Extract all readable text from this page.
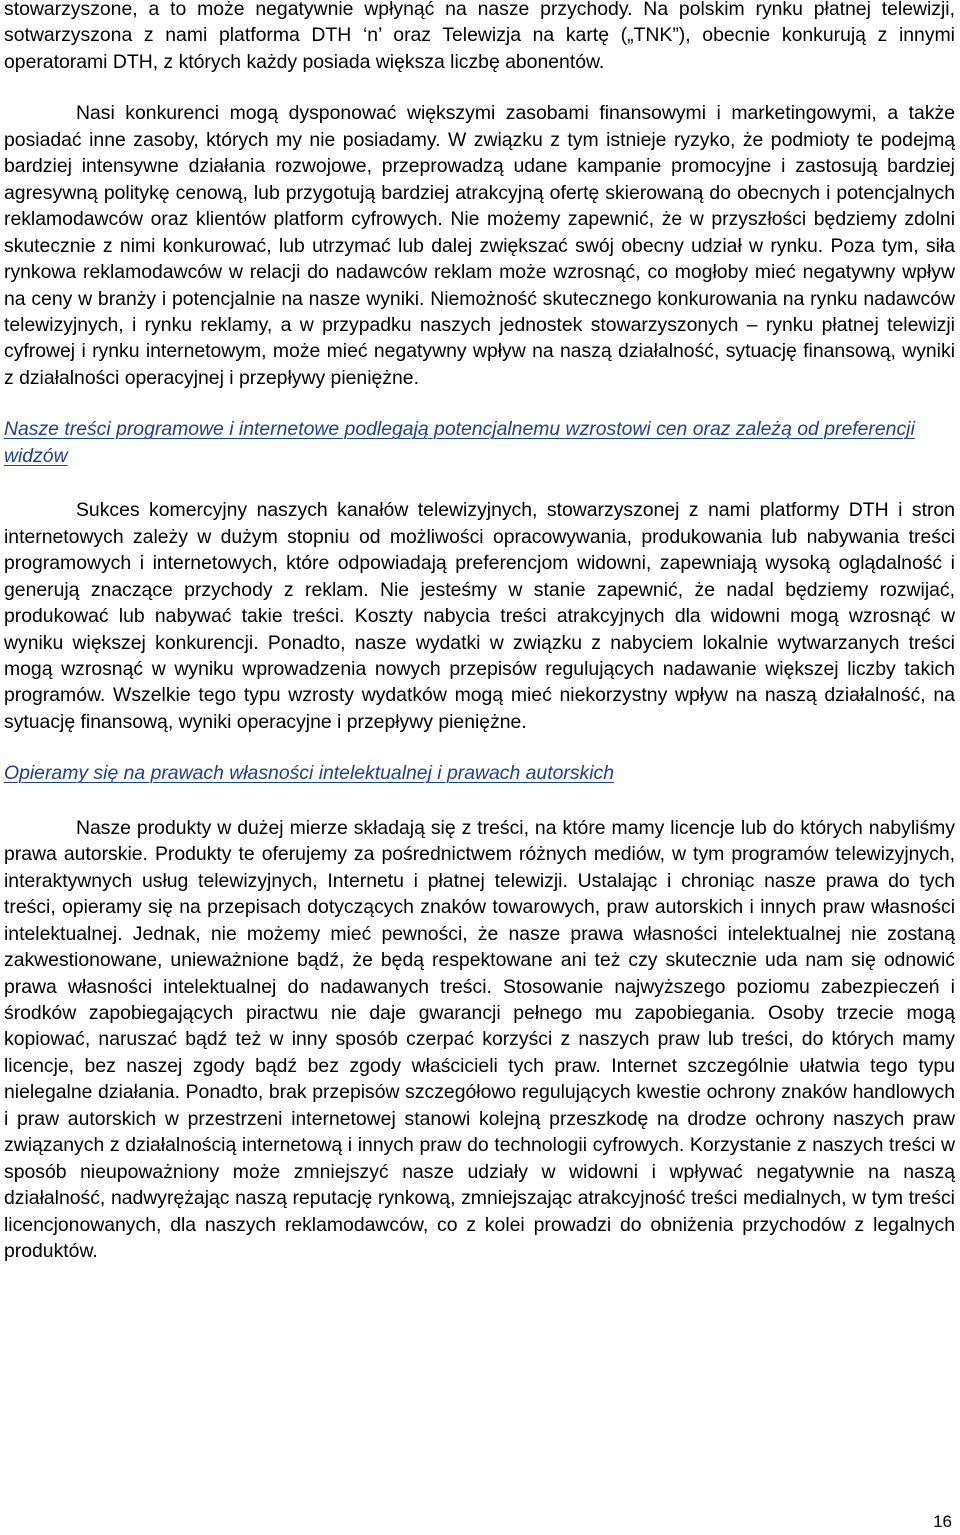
stowarzyszone, a to może negatywnie wpłynąć na nasze przychody. Na polskim rynku płatnej telewizji, sotwarzyszona z nami platforma DTH ‘n’ oraz Telewizja na kartę („TNK”), obecnie konkurują z innymi operatorami DTH, z których każdy posiada większa liczbę abonentów.

Nasi konkurenci mogą dysponować większymi zasobami finansowymi i marketingowymi, a także posiadać inne zasoby, których my nie posiadamy. W związku z tym istnieje ryzyko, że podmioty te podejmą bardziej intensywne działania rozwojowe, przeprowadzą udane kampanie promocyjne i zastosują bardziej agresywną politykę cenową, lub przygotują bardziej atrakcyjną ofertę skierowaną do obecnych i potencjalnych reklamodawców oraz klientów platform cyfrowych. Nie możemy zapewnić, że w przyszłości będziemy zdolni skutecznie z nimi konkurować, lub utrzymać lub dalej zwiększać swój obecny udział w rynku. Poza tym, siła rynkowa reklamodawców w relacji do nadawców reklam może wzrosnąć, co mogłoby mieć negatywny wpływ na ceny w branży i potencjalnie na nasze wyniki. Niemożność skutecznego konkurowania na rynku nadawców telewizyjnych, i rynku reklamy, a w przypadku naszych jednostek stowarzyszonych – rynku płatnej telewizji cyfrowej i rynku internetowym, może mieć negatywny wpływ na naszą działalność, sytuację finansową, wyniki z działalności operacyjnej i przepływy pieniężne.

Nasze treści programowe i internetowe podlegają potencjalnemu wzrostowi cen oraz zależą od preferencji widzów

Sukces komercyjny naszych kanałów telewizyjnych, stowarzyszonej z nami platformy DTH i stron internetowych zależy w dużym stopniu od możliwości opracowywania, produkowania lub nabywania treści programowych i internetowych, które odpowiadają preferencjom widowni, zapewniają wysoką oglądalność i generują znaczące przychody z reklam. Nie jesteśmy w stanie zapewnić, że nadal będziemy rozwijać, produkować lub nabywać takie treści. Koszty nabycia treści atrakcyjnych dla widowni mogą wzrosnąć w wyniku większej konkurencji. Ponadto, nasze wydatki w związku z nabyciem lokalnie wytwarzanych treści mogą wzrosnąć w wyniku wprowadzenia nowych przepisów regulujących nadawanie większej liczby takich programów. Wszelkie tego typu wzrosty wydatków mogą mieć niekorzystny wpływ na naszą działalność, na sytuację finansową, wyniki operacyjne i przepływy pieniężne.

Opieramy się na prawach własności intelektualnej i prawach autorskich

Nasze produkty w dużej mierze składają się z treści, na które mamy licencje lub do których nabyliśmy prawa autorskie. Produkty te oferujemy za pośrednictwem różnych mediów, w tym programów telewizyjnych, interaktywnych usług telewizyjnych, Internetu i płatnej telewizji. Ustalając i chroniąc nasze prawa do tych treści, opieramy się na przepisach dotyczących znaków towarowych, praw autorskich i innych praw własności intelektualnej. Jednak, nie możemy mieć pewności, że nasze prawa własności intelektualnej nie zostaną zakwestionowane, unieważnione bądź, że będą respektowane ani też czy skutecznie uda nam się odnowić prawa własności intelektualnej do nadawanych treści. Stosowanie najwyższego poziomu zabezpieczeń i środków zapobiegających piractwu nie daje gwarancji pełnego mu zapobiegania. Osoby trzecie mogą kopiować, naruszać bądź też w inny sposób czerpać korzyści z naszych praw lub treści, do których mamy licencje, bez naszej zgody bądź bez zgody właścicieli tych praw. Internet szczególnie ułatwia tego typu nielegalne działania. Ponadto, brak przepisów szczegółowo regulujących kwestie ochrony znaków handlowych i praw autorskich w przestrzeni internetowej stanowi kolejną przeszkodę na drodze ochrony naszych praw związanych z działalnością internetową i innych praw do technologii cyfrowych. Korzystanie z naszych treści w sposób nieupoważniony może zmniejszyć nasze udziały w widowni i wpływać negatywnie na naszą działalność, nadwyrężając naszą reputację rynkową, zmniejszając atrakcyjność treści medialnych, w tym treści licencjonowanych, dla naszych reklamodawców, co z kolei prowadzi do obniżenia przychodów z legalnych produktów.

16
